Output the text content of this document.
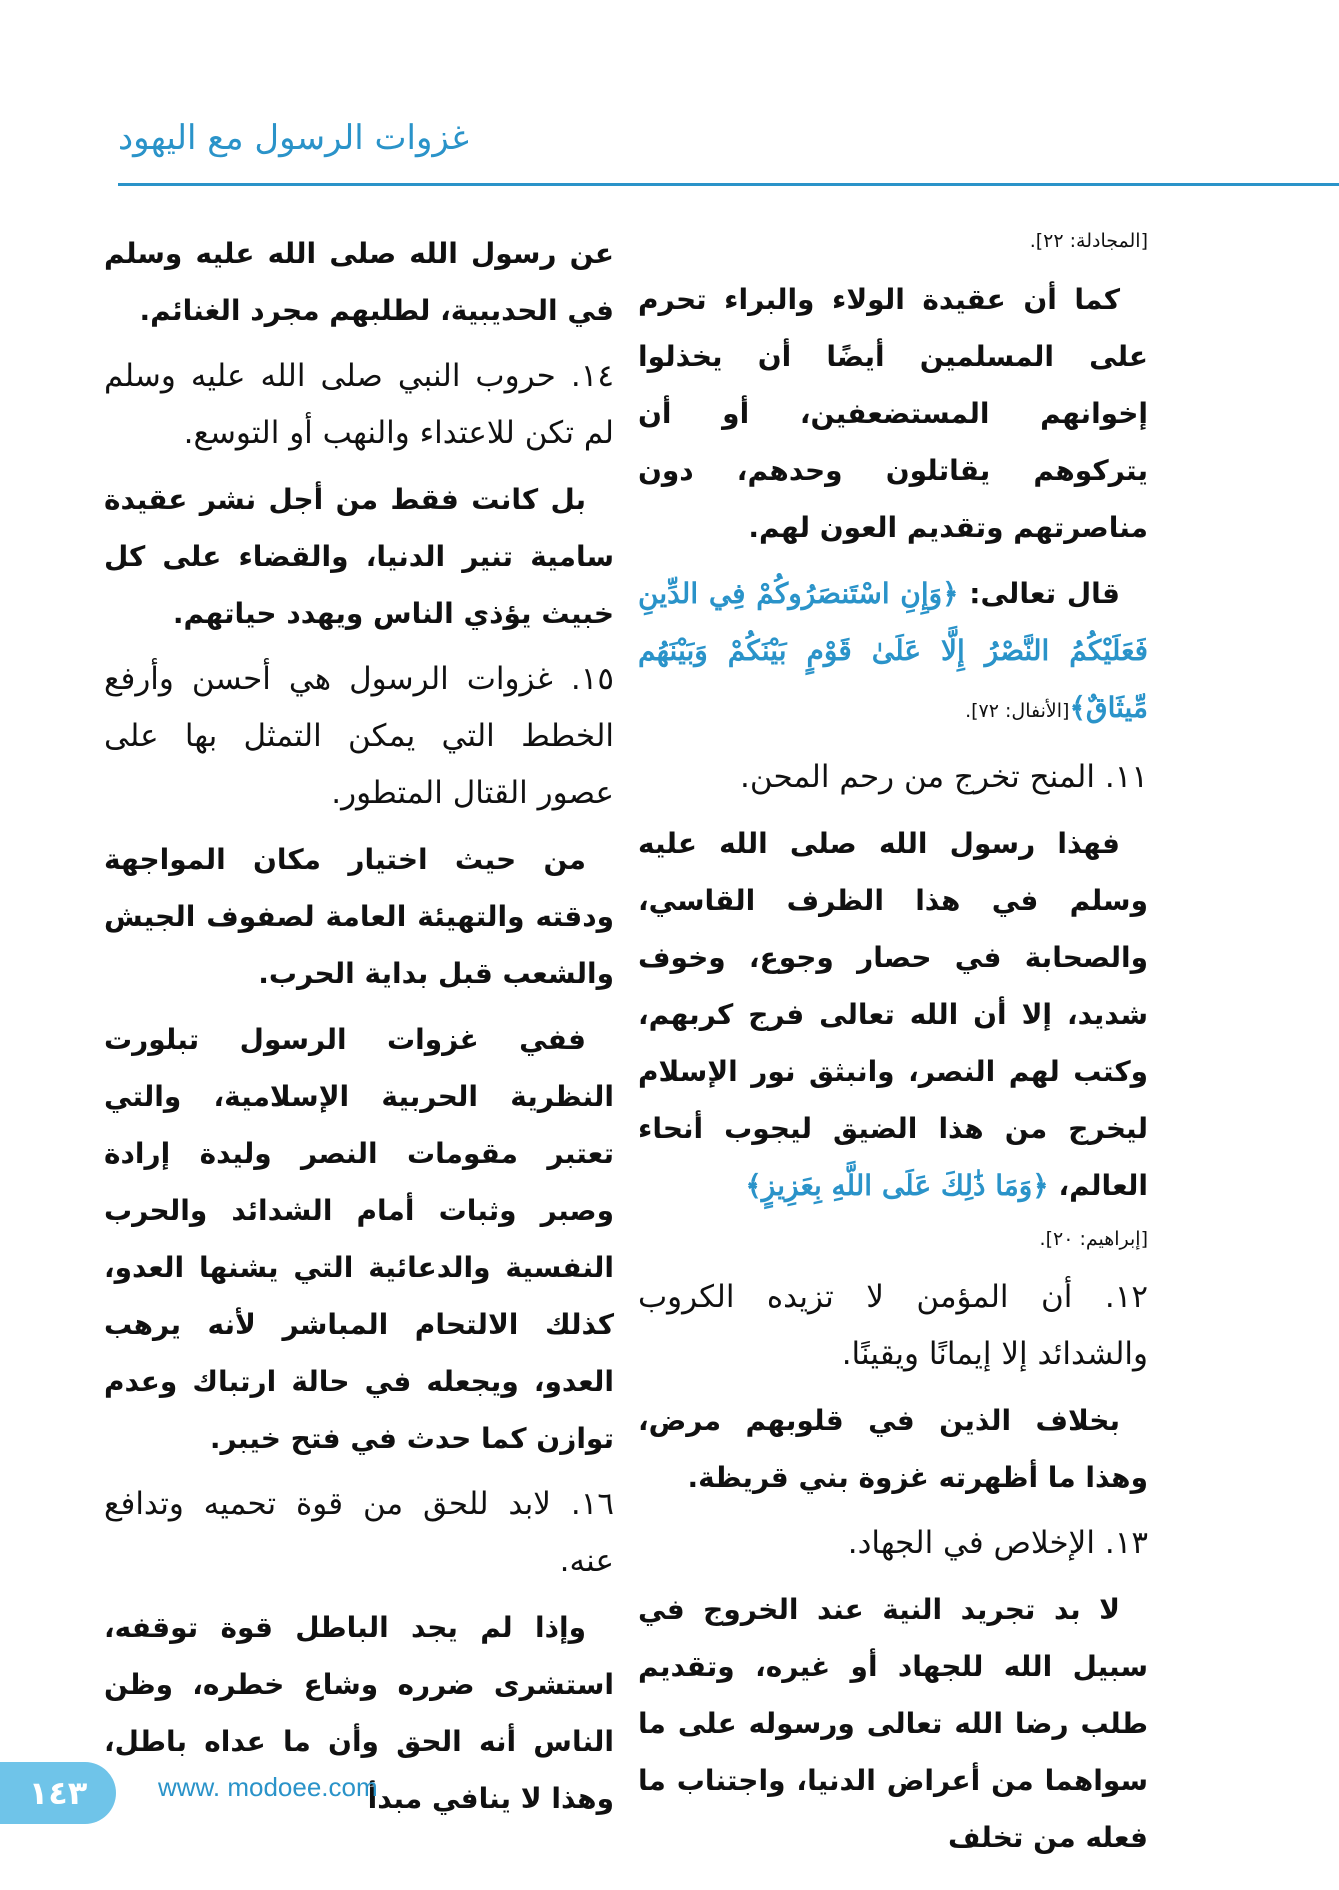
غزوات الرسول مع اليهود

[المجادلة: ٢٢].

كما أن عقيدة الولاء والبراء تحرم على المسلمين أيضًا أن يخذلوا إخوانهم المستضعفين، أو أن يتركوهم يقاتلون وحدهم، دون مناصرتهم وتقديم العون لهم.

قال تعالى: ﴿وَإِنِ اسْتَنصَرُوكُمْ فِي الدِّينِ فَعَلَيْكُمُ النَّصْرُ إِلَّا عَلَىٰ قَوْمٍ بَيْنَكُمْ وَبَيْنَهُم مِّيثَاقٌ﴾[الأنفال: ٧٢].

١١. المنح تخرج من رحم المحن.

فهذا رسول الله صلى الله عليه وسلم في هذا الظرف القاسي، والصحابة في حصار وجوع، وخوف شديد، إلا أن الله تعالى فرج كربهم، وكتب لهم النصر، وانبثق نور الإسلام ليخرج من هذا الضيق ليجوب أنحاء العالم، ﴿وَمَا ذَٰلِكَ عَلَى اللَّهِ بِعَزِيزٍ﴾

[إبراهيم: ٢٠].

١٢. أن المؤمن لا تزيده الكروب والشدائد إلا إيمانًا ويقينًا.

بخلاف الذين في قلوبهم مرض، وهذا ما أظهرته غزوة بني قريظة.

١٣. الإخلاص في الجهاد.

لا بد تجريد النية عند الخروج في سبيل الله للجهاد أو غيره، وتقديم طلب رضا الله تعالى ورسوله على ما سواهما من أعراض الدنيا، واجتناب ما فعله من تخلف

عن رسول الله صلى الله عليه وسلم في الحديبية، لطلبهم مجرد الغنائم.

١٤. حروب النبي صلى الله عليه وسلم لم تكن للاعتداء والنهب أو التوسع.

بل كانت فقط من أجل نشر عقيدة سامية تنير الدنيا، والقضاء على كل خبيث يؤذي الناس ويهدد حياتهم.

١٥. غزوات الرسول هي أحسن وأرفع الخطط التي يمكن التمثل بها على عصور القتال المتطور.

من حيث اختيار مكان المواجهة ودقته والتهيئة العامة لصفوف الجيش والشعب قبل بداية الحرب.

ففي غزوات الرسول تبلورت النظرية الحربية الإسلامية، والتي تعتبر مقومات النصر وليدة إرادة وصبر وثبات أمام الشدائد والحرب النفسية والدعائية التي يشنها العدو، كذلك الالتحام المباشر لأنه يرهب العدو، ويجعله في حالة ارتباك وعدم توازن كما حدث في فتح خيبر.

١٦. لابد للحق من قوة تحميه وتدافع عنه.

وإذا لم يجد الباطل قوة توقفه، استشرى ضرره وشاع خطره، وظن الناس أنه الحق وأن ما عداه باطل، وهذا لا ينافي مبدأ

١٤٣	www. modoee.com
